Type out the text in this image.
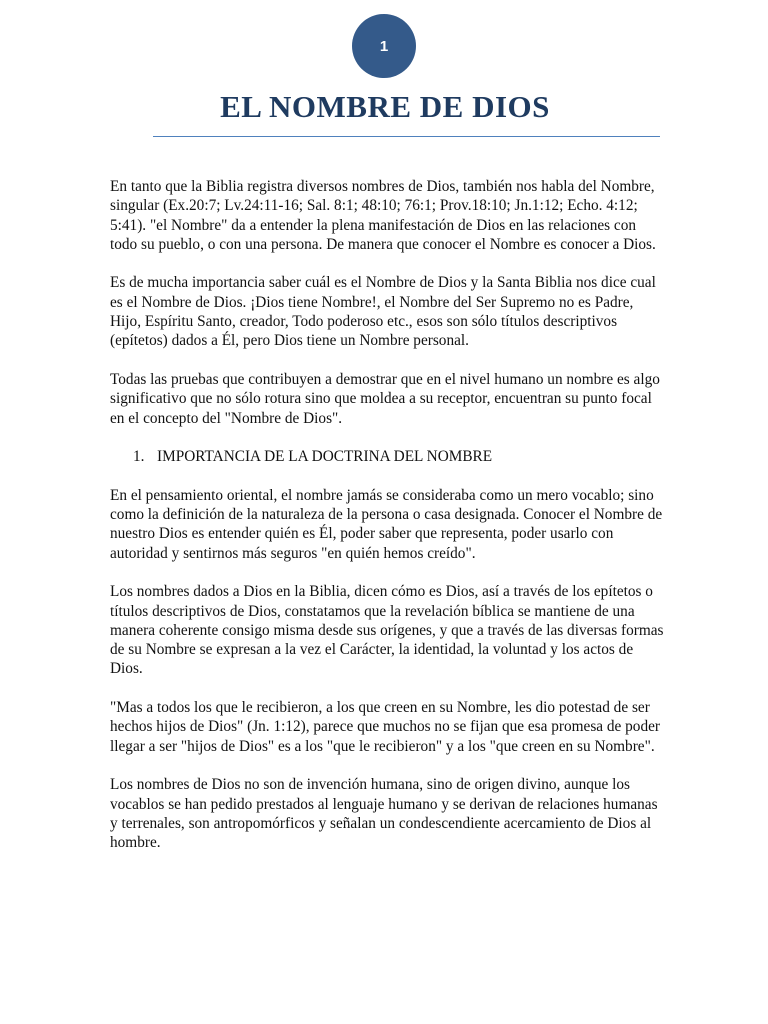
1
EL NOMBRE DE DIOS

En tanto que la Biblia registra diversos nombres de Dios, también nos habla del Nombre, singular (Ex.20:7; Lv.24:11-16; Sal. 8:1; 48:10; 76:1; Prov.18:10; Jn.1:12; Echo. 4:12; 5:41). "el Nombre" da a entender la plena manifestación de Dios en las relaciones con todo su pueblo, o con una persona. De manera que conocer el Nombre es conocer a Dios.

Es de mucha importancia saber cuál es el Nombre de Dios y la Santa Biblia nos dice cual es el Nombre de Dios. ¡Dios tiene Nombre!, el Nombre del Ser Supremo no es Padre, Hijo, Espíritu Santo, creador, Todo poderoso etc., esos son sólo títulos descriptivos (epítetos) dados a Él, pero Dios tiene un Nombre personal.

Todas las pruebas que contribuyen a demostrar que en el nivel humano un nombre es algo significativo que no sólo rotura sino que moldea a su receptor, encuentran su punto focal en el concepto del "Nombre de Dios".

1. IMPORTANCIA DE LA DOCTRINA DEL NOMBRE

En el pensamiento oriental, el nombre jamás se consideraba como un mero vocablo; sino como la definición de la naturaleza de la persona o casa designada. Conocer el Nombre de nuestro Dios es entender quién es Él, poder saber que representa, poder usarlo con autoridad y sentirnos más seguros "en quién hemos creído".

Los nombres dados a Dios en la Biblia, dicen cómo es Dios, así a través de los epítetos o títulos descriptivos de Dios, constatamos que la revelación bíblica se mantiene de una manera coherente consigo misma desde sus orígenes, y que a través de las diversas formas de su Nombre se expresan a la vez el Carácter, la identidad, la voluntad y los actos de Dios.

"Mas a todos los que le recibieron, a los que creen en su Nombre, les dio potestad de ser hechos hijos de Dios" (Jn. 1:12), parece que muchos no se fijan que esa promesa de poder llegar a ser "hijos de Dios" es a los "que le recibieron" y a los "que creen en su Nombre".

Los nombres de Dios no son de invención humana, sino de origen divino, aunque los vocablos se han pedido prestados al lenguaje humano y se derivan de relaciones humanas y terrenales, son antropomórficos y señalan un condescendiente acercamiento de Dios al hombre.
